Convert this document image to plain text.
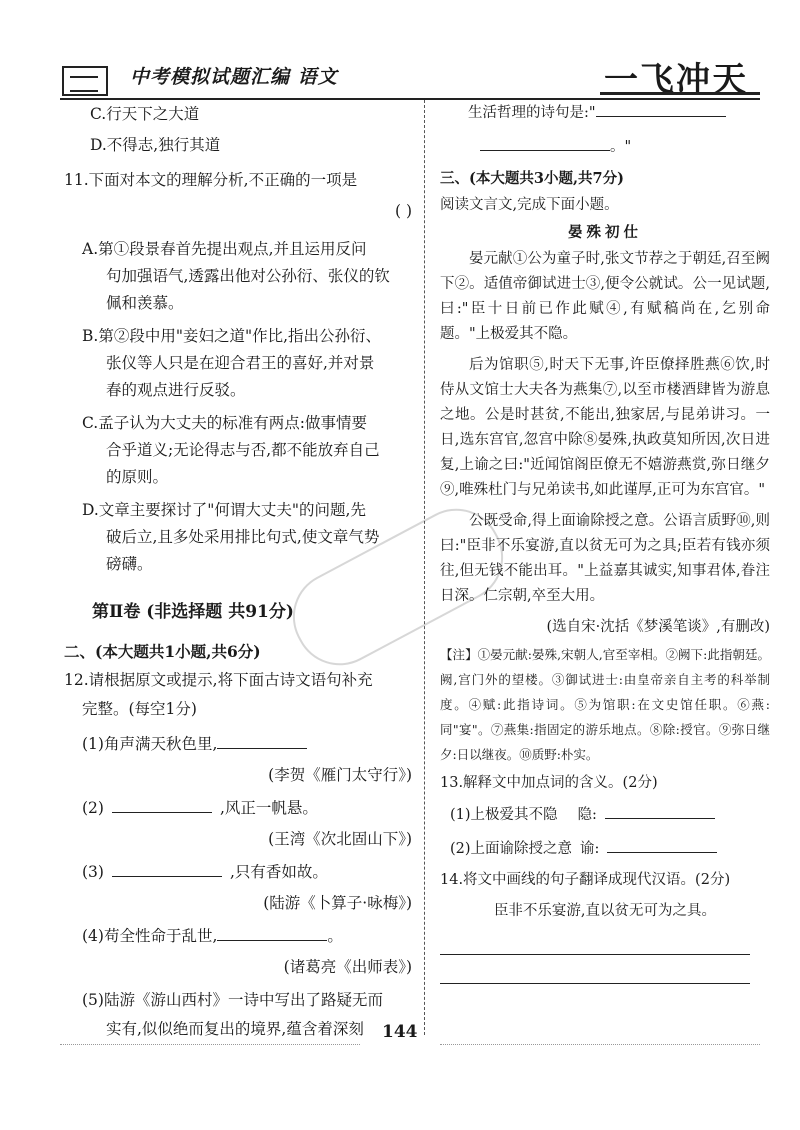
中考模拟试题汇编 语文	一飞冲天

C.行天下之大道

D.不得志,独行其道

11.下面对本文的理解分析,不正确的一项是

( )

A.第①段景春首先提出观点,并且运用反问

句加强语气,透露出他对公孙衍、张仪的钦

佩和羡慕。

B.第②段中用"妾妇之道"作比,指出公孙衍、

张仪等人只是在迎合君王的喜好,并对景

春的观点进行反驳。

C.孟子认为大丈夫的标准有两点:做事情要

合乎道义;无论得志与否,都不能放弃自己

的原则。

D.文章主要探讨了"何谓大丈夫"的问题,先

破后立,且多处采用排比句式,使文章气势

磅礴。

第Ⅱ卷 (非选择题 共91分)

二、(本大题共1小题,共6分)

12.请根据原文或提示,将下面古诗文语句补充

完整。(每空1分)

(1)角声满天秋色里,

(李贺《雁门太守行》)

(2)	,风正一帆悬。

(王湾《次北固山下》)

(3)	,只有香如故。

(陆游《卜算子·咏梅》)

(4)苟全性命于乱世,	。

(诸葛亮《出师表》)

(5)陆游《游山西村》一诗中写出了路疑无而

实有,似似绝而复出的境界,蕴含着深刻

生活哲理的诗句是:"

。"

三、(本大题共3小题,共7分)

阅读文言文,完成下面小题。

晏殊初仕

晏元献①公为童子时,张文节荐之于朝廷,召至阙下②。适值帝御试进士③,便令公就试。公一见试题,曰:"臣十日前已作此赋④,有赋稿尚在,乞别命题。"上极爱其不隐。

后为馆职⑤,时天下无事,许臣僚择胜燕⑥饮,时侍从文馆士大夫各为燕集⑦,以至市楼酒肆皆为游息之地。公是时甚贫,不能出,独家居,与昆弟讲习。一日,选东宫官,忽宫中除⑧晏殊,执政莫知所因,次日进复,上谕之曰:"近闻馆阁臣僚无不嬉游燕赏,弥日继夕⑨,唯殊杜门与兄弟读书,如此谨厚,正可为东宫官。"

公既受命,得上面谕除授之意。公语言质野⑩,则曰:"臣非不乐宴游,直以贫无可为之具;臣若有钱亦须往,但无钱不能出耳。"上益嘉其诚实,知事君体,眷注日深。仁宗朝,卒至大用。

(选自宋·沈括《梦溪笔谈》,有删改)

【注】①晏元献:晏殊,宋朝人,官至宰相。②阙下:此指朝廷。阙,宫门外的望楼。③御试进士:由皇帝亲自主考的科举制度。④赋:此指诗词。⑤为馆职:在文史馆任职。⑥燕:同"宴"。⑦燕集:指固定的游乐地点。⑧除:授官。⑨弥日继夕:日以继夜。⑩质野:朴实。

13.解释文中加点词的含义。(2分)

(1)上极爱其不隐 隐:

(2)上面谕除授之意 谕:

14.将文中画线的句子翻译成现代汉语。(2分)

臣非不乐宴游,直以贫无可为之具。

144
